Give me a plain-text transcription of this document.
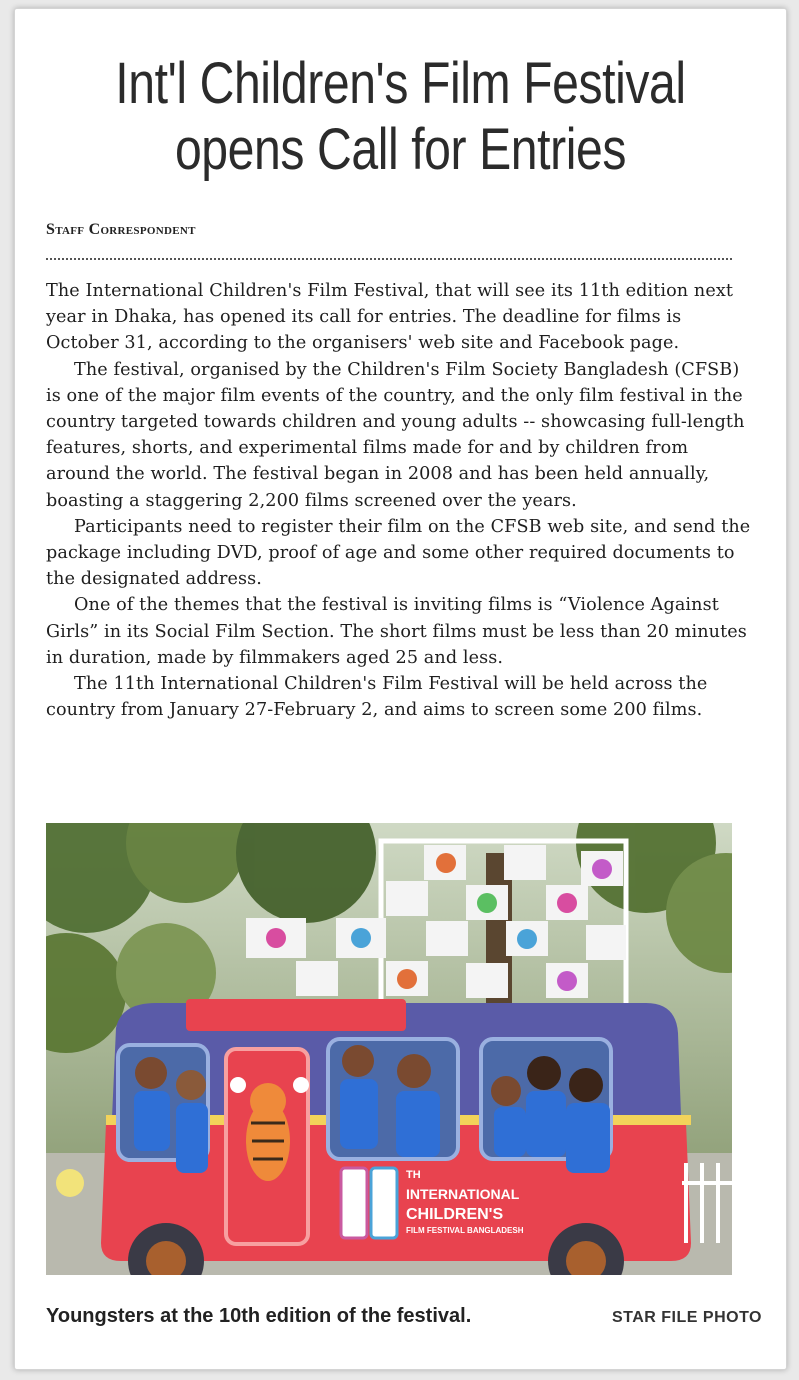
Int'l Children's Film Festival
opens Call for Entries
Staff Correspondent

The International Children's Film Festival, that will see its 11th edition next year in Dhaka, has opened its call for entries. The deadline for films is October 31, according to the organisers' web site and Facebook page.

The festival, organised by the Children's Film Society Bangladesh (CFSB) is one of the major film events of the country, and the only film festival in the country targeted towards children and young adults -- showcasing full-length features, shorts, and experimental films made for and by children from around the world. The festival began in 2008 and has been held annually, boasting a staggering 2,200 films screened over the years.

Participants need to register their film on the CFSB web site, and send the package including DVD, proof of age and some other required documents to the designated address.

One of the themes that the festival is inviting films is “Violence Against Girls” in its Social Film Section. The short films must be less than 20 minutes in duration, made by filmmakers aged 25 and less.

The 11th International Children's Film Festival will be held across the country from January 27-February 2, and aims to screen some 200 films.

TH
INTERNATIONAL
CHILDREN'S
FILM FESTIVAL BANGLADESH
Youngsters at the 10th edition of the festival.	STAR FILE PHOTO
